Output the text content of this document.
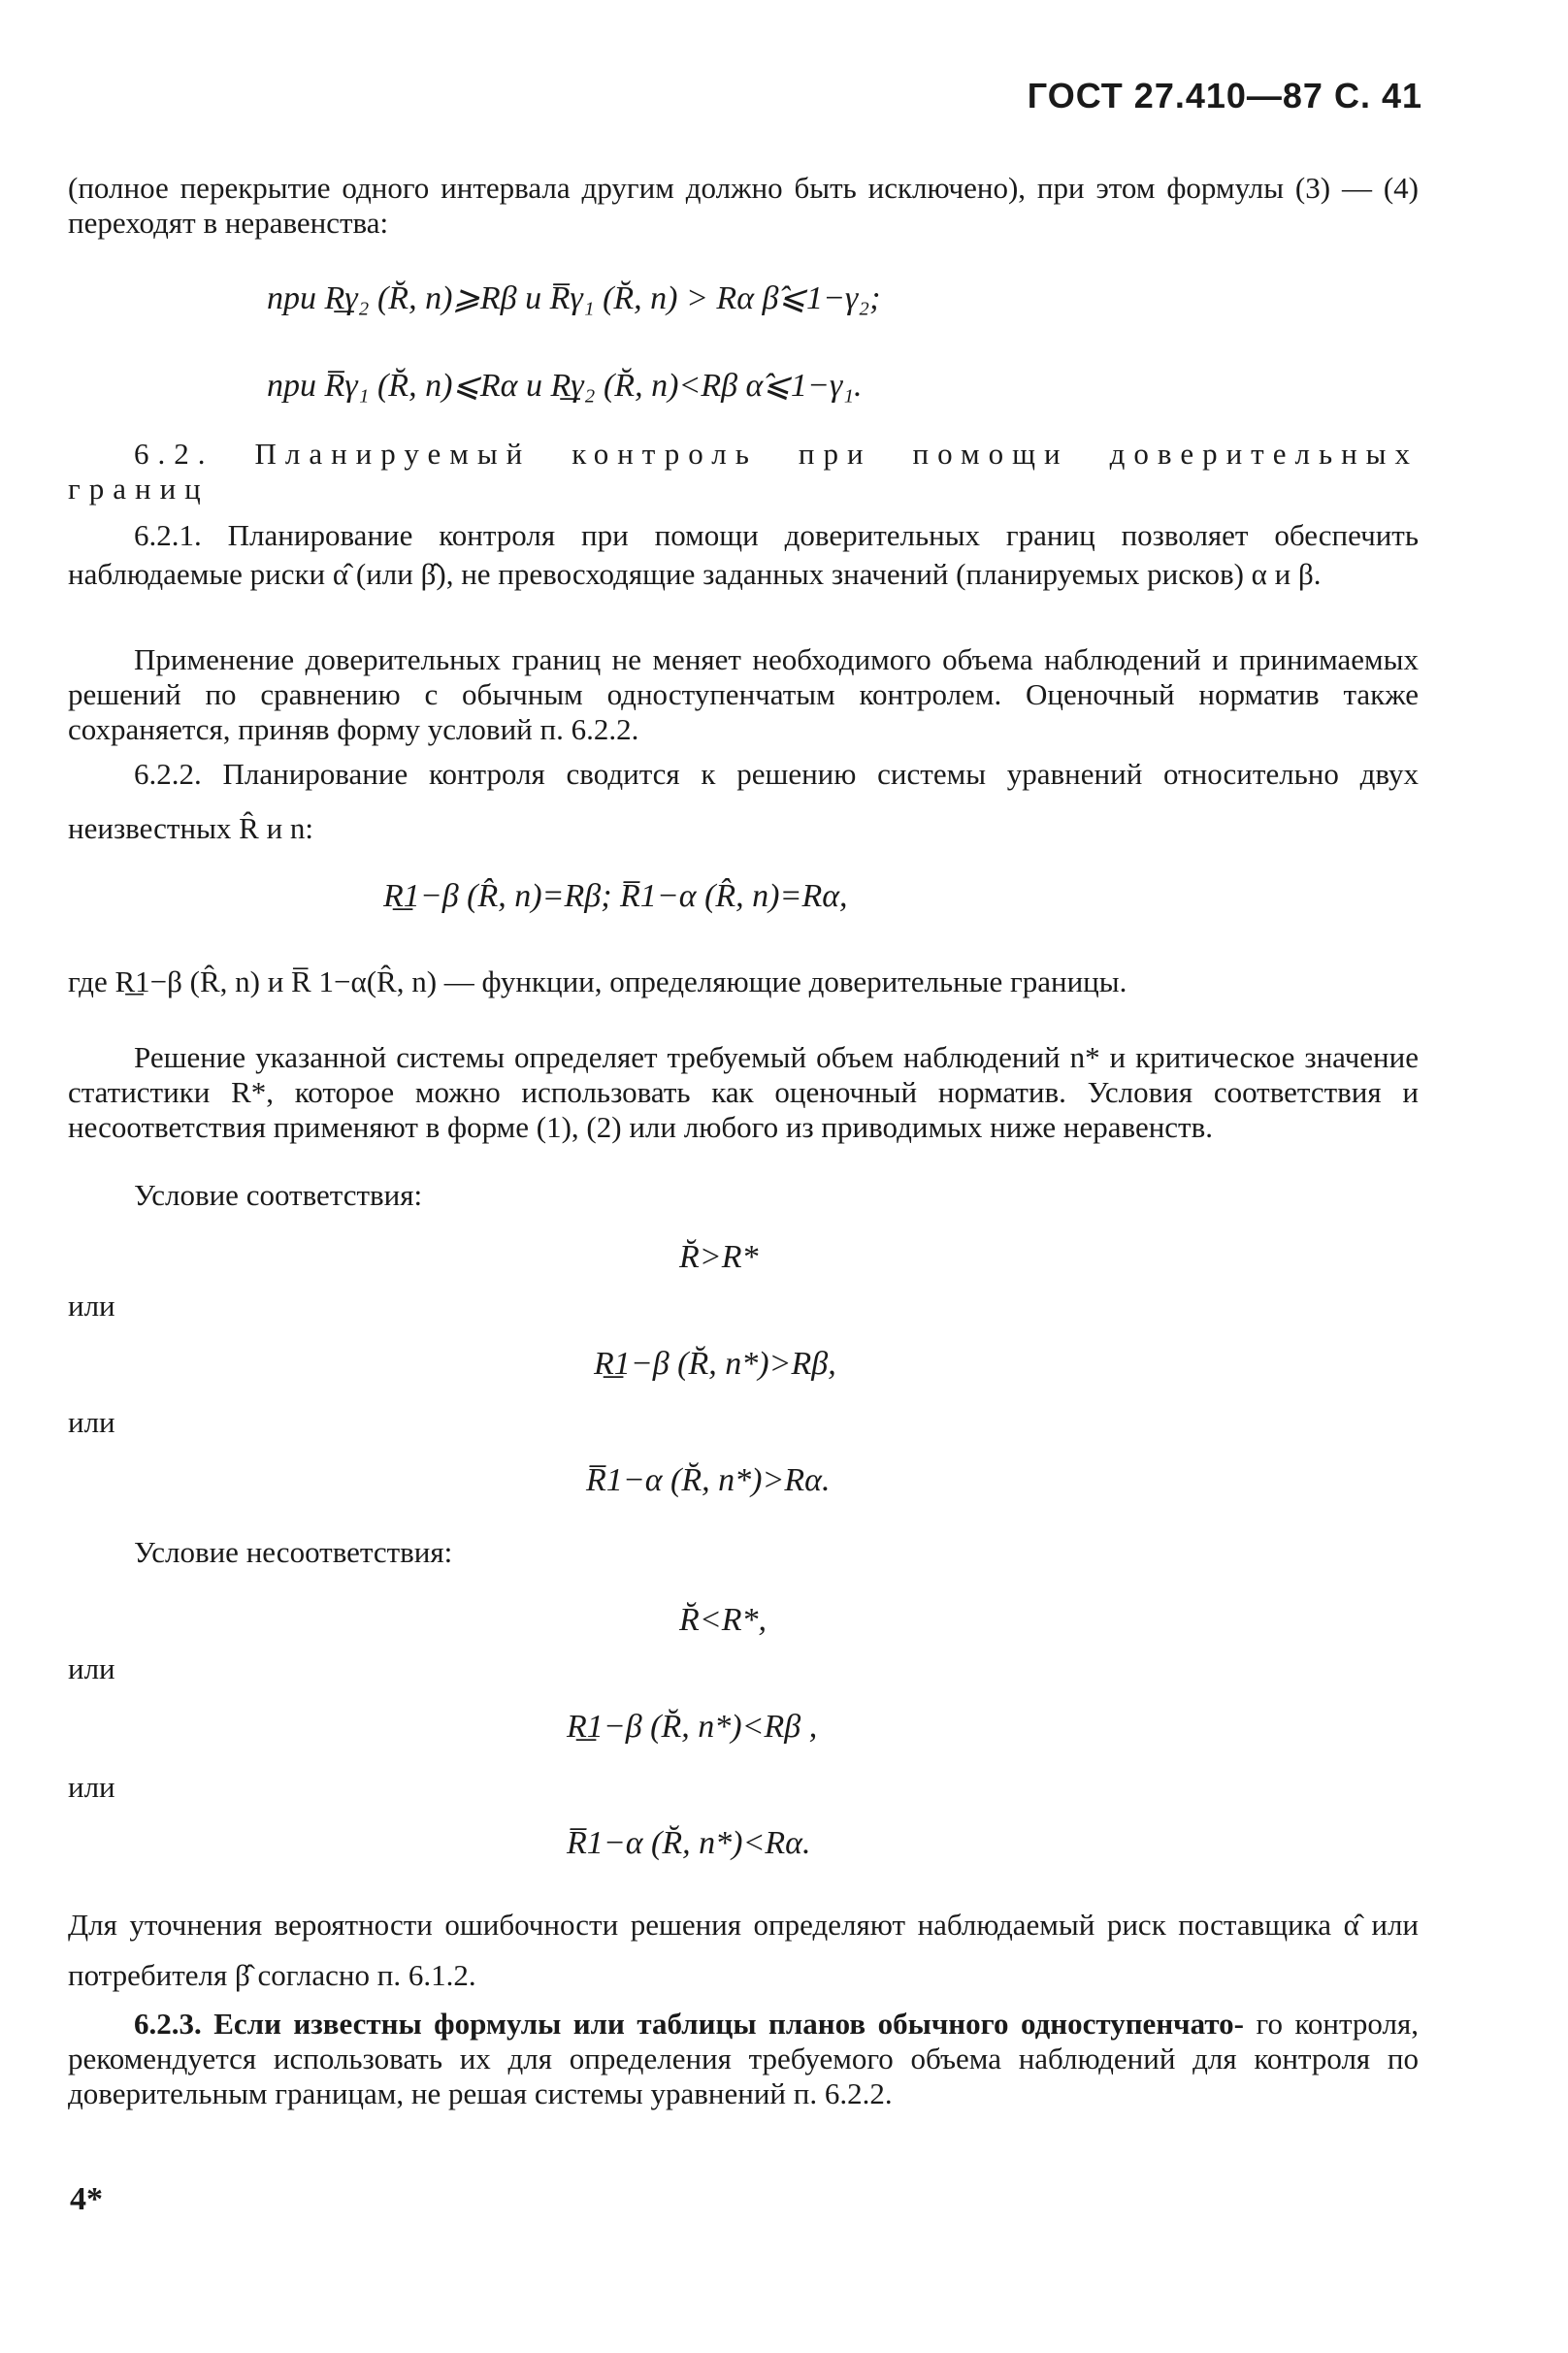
ГОСТ 27.410—87 С. 41
(полное перекрытие одного интервала другим должно быть исключено), при этом формулы (3) — (4) переходят в неравенства:
при R͟γ₂ (R̆, n)⩾Rβ и R̅γ₁ (R̆, n) > Rα β̂⩽1−γ₂;
при R̅γ₁ (R̆, n)⩽Rα и R͟γ₂ (R̆, n)<Rβ α̂⩽1−γ₁.
6.2. Планируемый контроль при помощи доверительных границ
6.2.1. Планирование контроля при помощи доверительных границ позволяет обеспечить наблюдаемые риски α̂ (или β̂), не превосходящие заданных значений (планируемых рисков) α и β.
Применение доверительных границ не меняет необходимого объема наблюдений и принимаемых решений по сравнению с обычным одноступенчатым контролем. Оценочный норматив также сохраняется, приняв форму условий п. 6.2.2.
6.2.2. Планирование контроля сводится к решению системы уравнений относительно двух неизвестных R̂ и n:
R͟1−β (R̂, n)=Rβ; R̅1−α (R̂, n)=Rα,
где R͟1−β (R̂, n) и R̅ 1−α(R̂, n) — функции, определяющие доверительные границы.
Решение указанной системы определяет требуемый объем наблюдений n* и критическое значение статистики R*, которое можно использовать как оценочный норматив. Условия соответствия и несоответствия применяют в форме (1), (2) или любого из приводимых ниже неравенств.
Условие соответствия:
R̆>R*
или
R͟1−β (R̆, n*)>Rβ,
или
R̅1−α (R̆, n*)>Rα.
Условие несоответствия:
R̆<R*,
или
R͟1−β (R̆, n*)<Rβ ,
или
R̅1−α (R̆, n*)<Rα.
Для уточнения вероятности ошибочности решения определяют наблюдаемый риск поставщика α̂ или потребителя β̂ согласно п. 6.1.2.
6.2.3. Если известны формулы или таблицы планов обычного одноступенчато- го контроля, рекомендуется использовать их для определения требуемого объема наблюдений для контроля по доверительным границам, не решая системы уравнений п. 6.2.2.
4*
